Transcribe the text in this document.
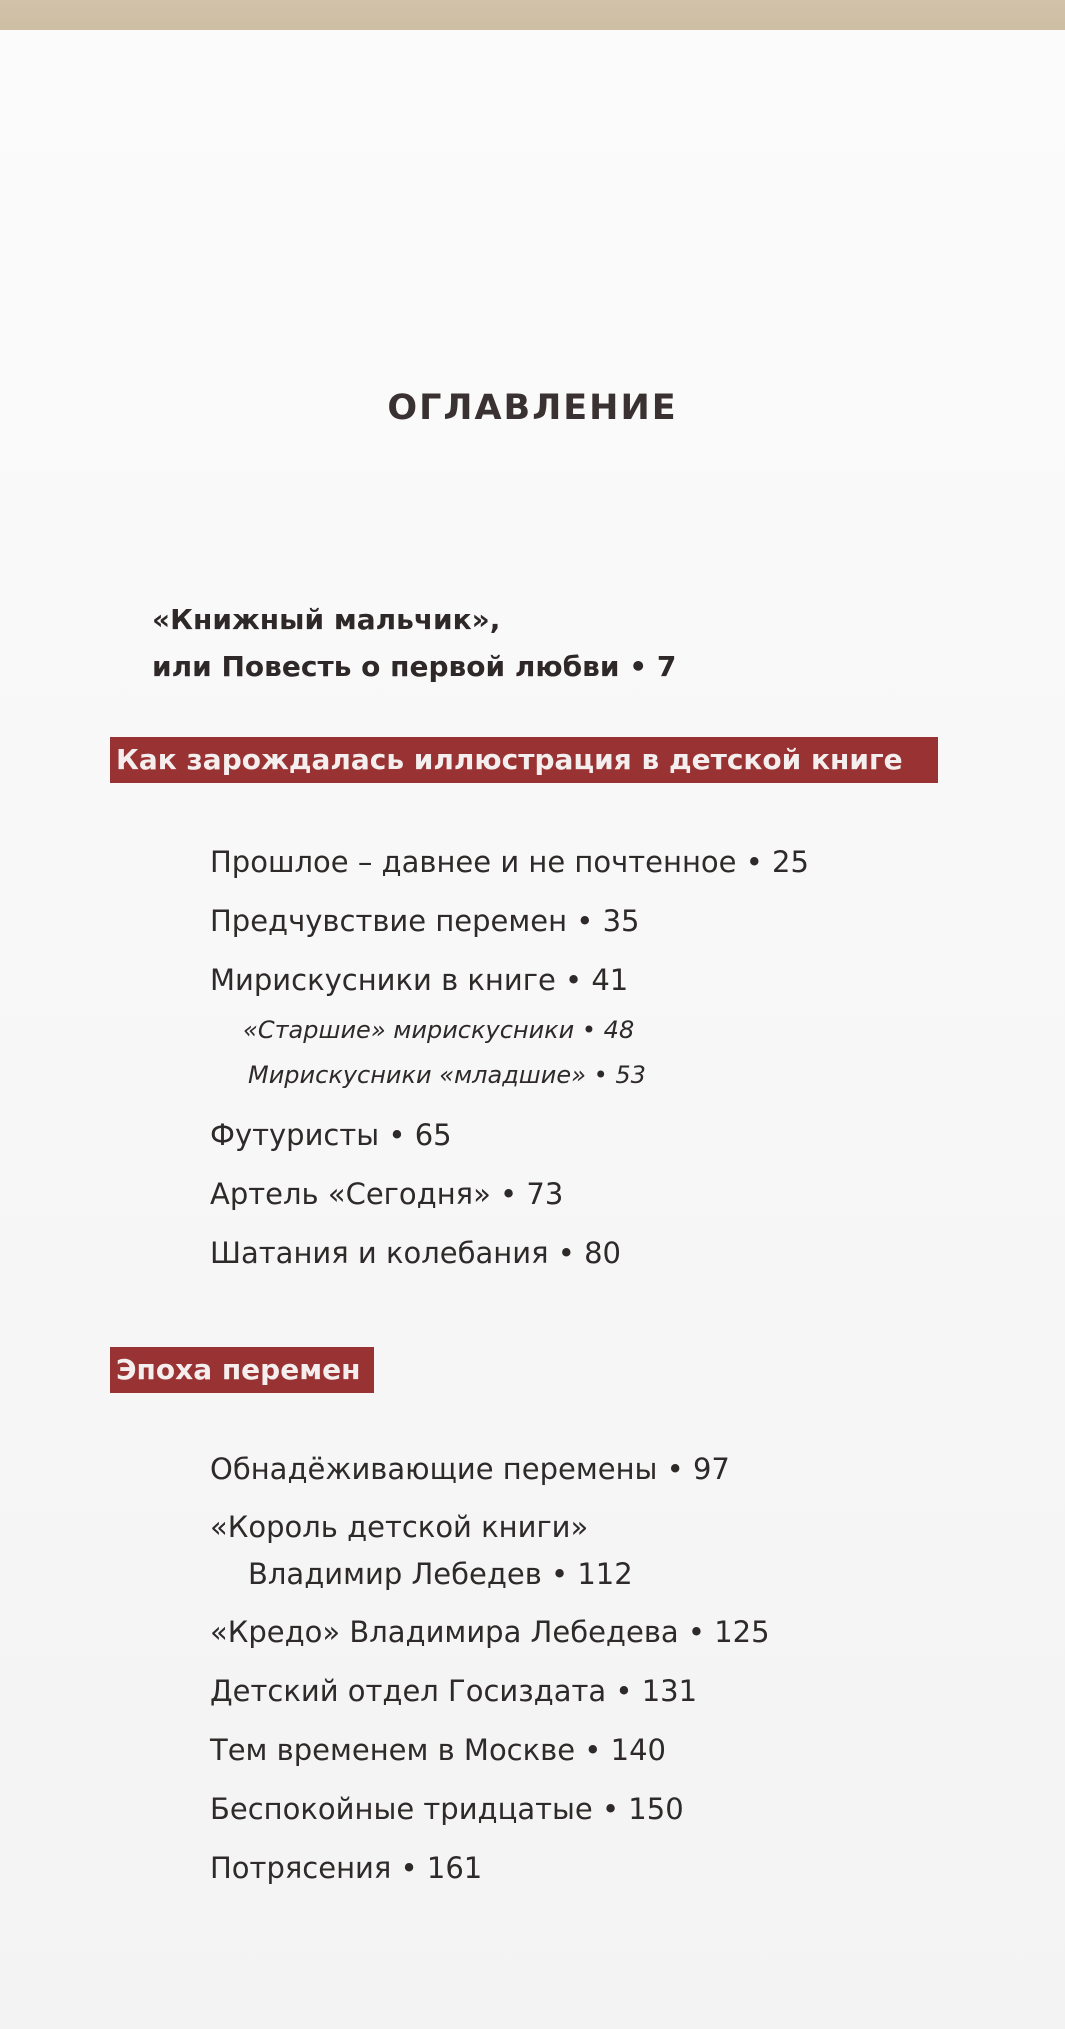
ОГЛАВЛЕНИЕ
«Книжный мальчик»,
или Повесть о первой любви • 7
Как зарождалась иллюстрация в детской книге
Прошлое – давнее и не почтенное • 25
Предчувствие перемен • 35
Мирискусники в книге • 41
«Старшие» мирискусники • 48
Мирискусники «младшие» • 53
Футуристы • 65
Артель «Сегодня» • 73
Шатания и колебания • 80
Эпоха перемен
Обнадёживающие перемены • 97
«Король детской книги»
Владимир Лебедев • 112
«Кредо» Владимира Лебедева • 125
Детский отдел Госиздата • 131
Тем временем в Москве • 140
Беспокойные тридцатые • 150
Потрясения • 161
